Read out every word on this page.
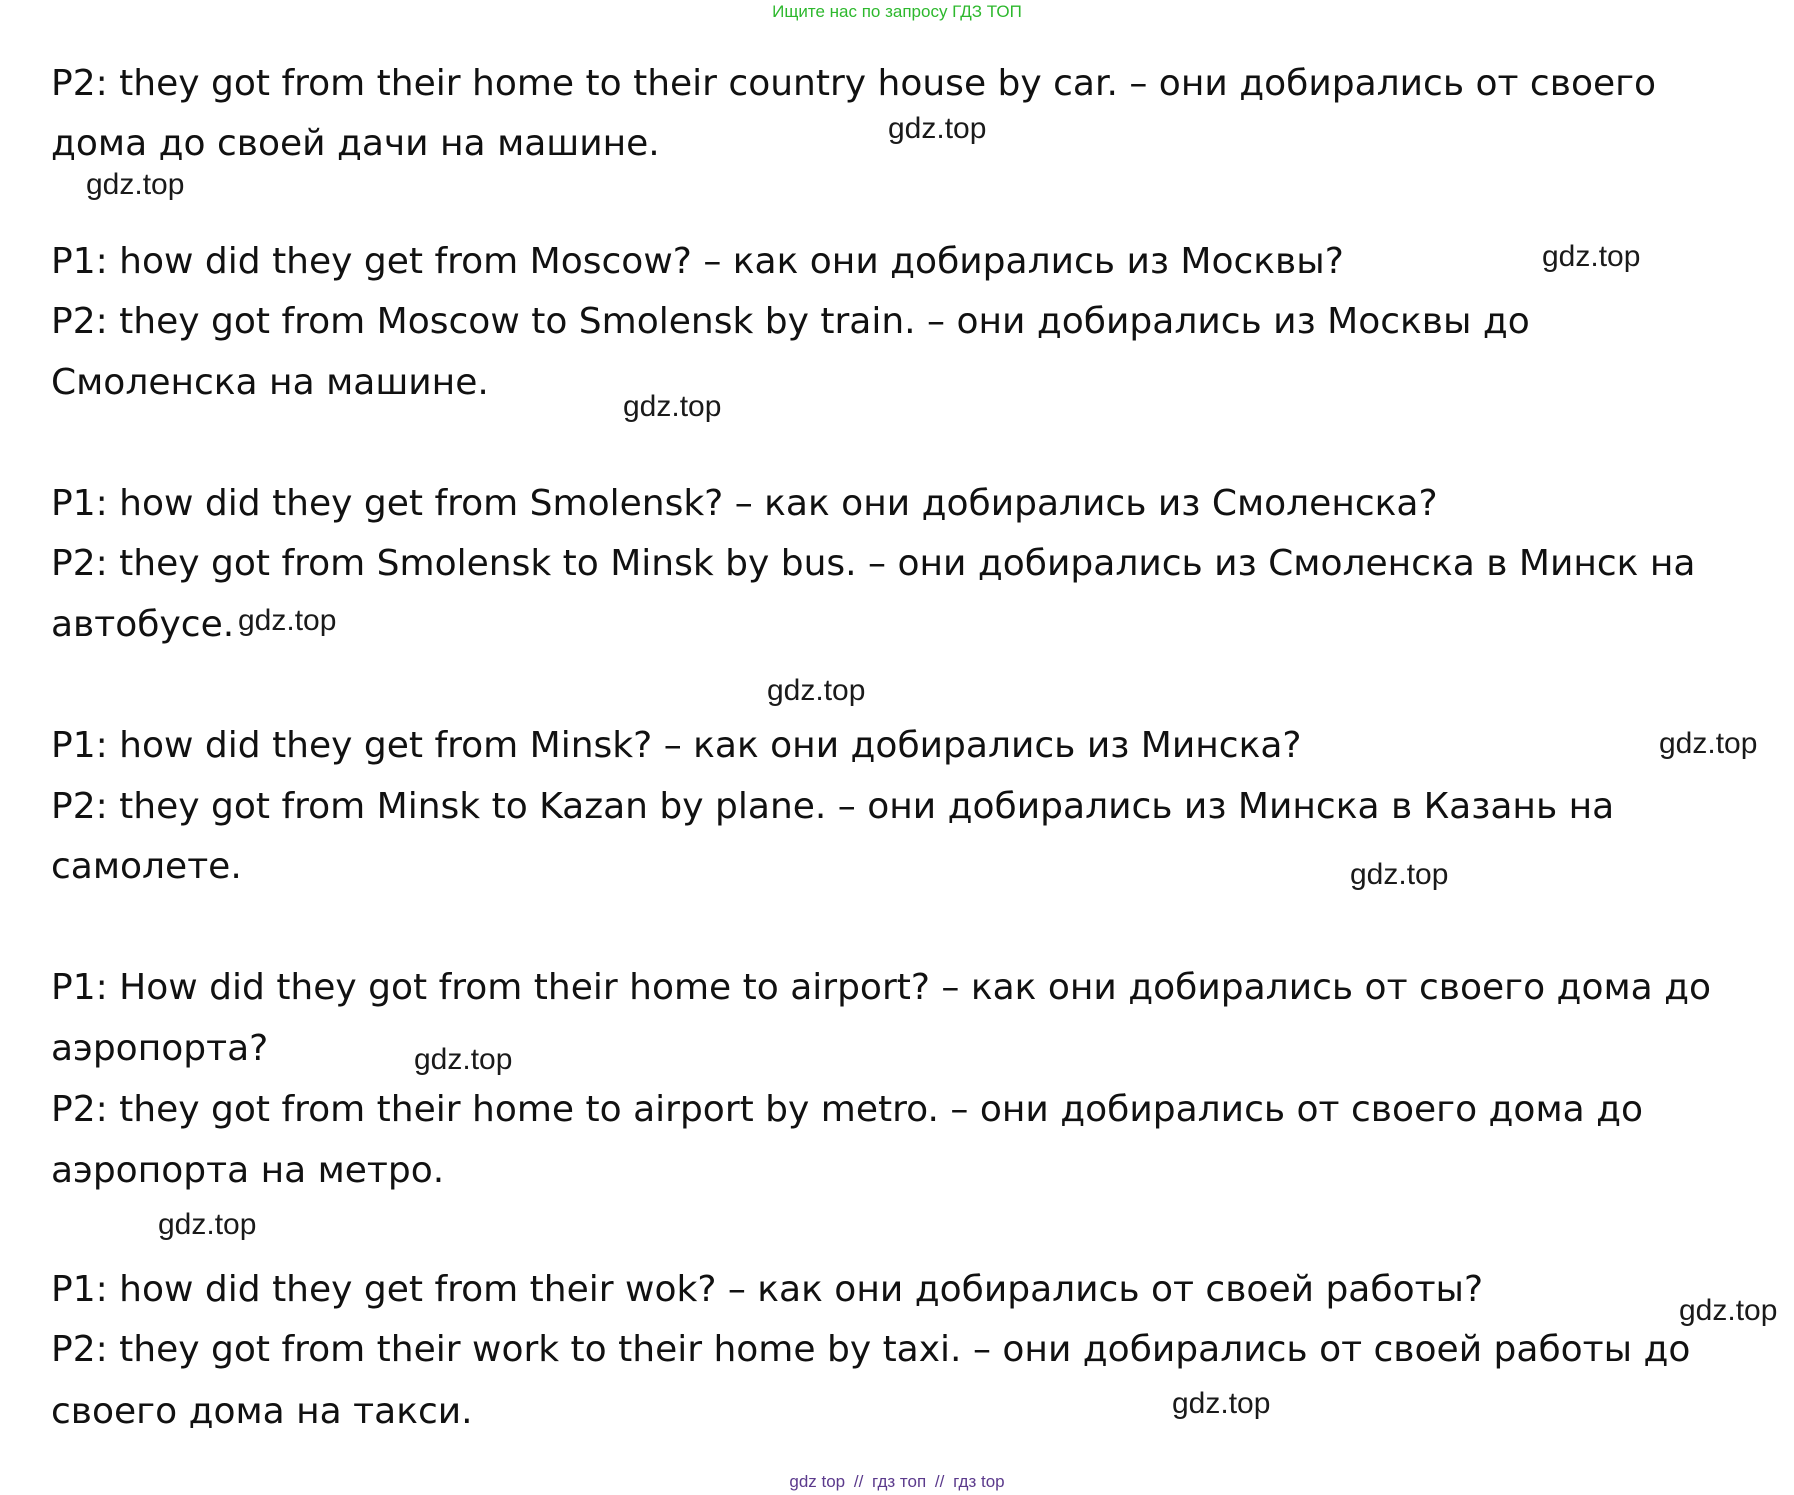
Ищите нас по запросу ГДЗ ТОП
P2: they got from their home to their country house by car. – они добирались от своего
дома до своей дачи на машине.
P1: how did they get from Moscow? – как они добирались из Москвы?
P2: they got from Moscow to Smolensk by train. – они добирались из Москвы до
Смоленска на машине.
P1: how did they get from Smolensk? – как они добирались из Смоленска?
P2: they got from Smolensk to Minsk by bus. – они добирались из Смоленска в Минск на
автобусе.
P1: how did they get from Minsk? – как они добирались из Минска?
P2: they got from Minsk to Kazan by plane. – они добирались из Минска в Казань на
самолете.
P1: How did they got from their home to airport? – как они добирались от своего дома до
аэропорта?
P2: they got from their home to airport by metro. – они добирались от своего дома до
аэропорта на метро.
P1: how did they get from their wok? – как они добирались от своей работы?
P2: they got from their work to their home by taxi. – они добирались от своей работы до
своего дома на такси.
gdz.top
gdz.top
gdz.top
gdz.top
gdz.top
gdz.top
gdz.top
gdz.top
gdz.top
gdz.top
gdz.top
gdz.top
gdz top // гдз топ // гдз top
